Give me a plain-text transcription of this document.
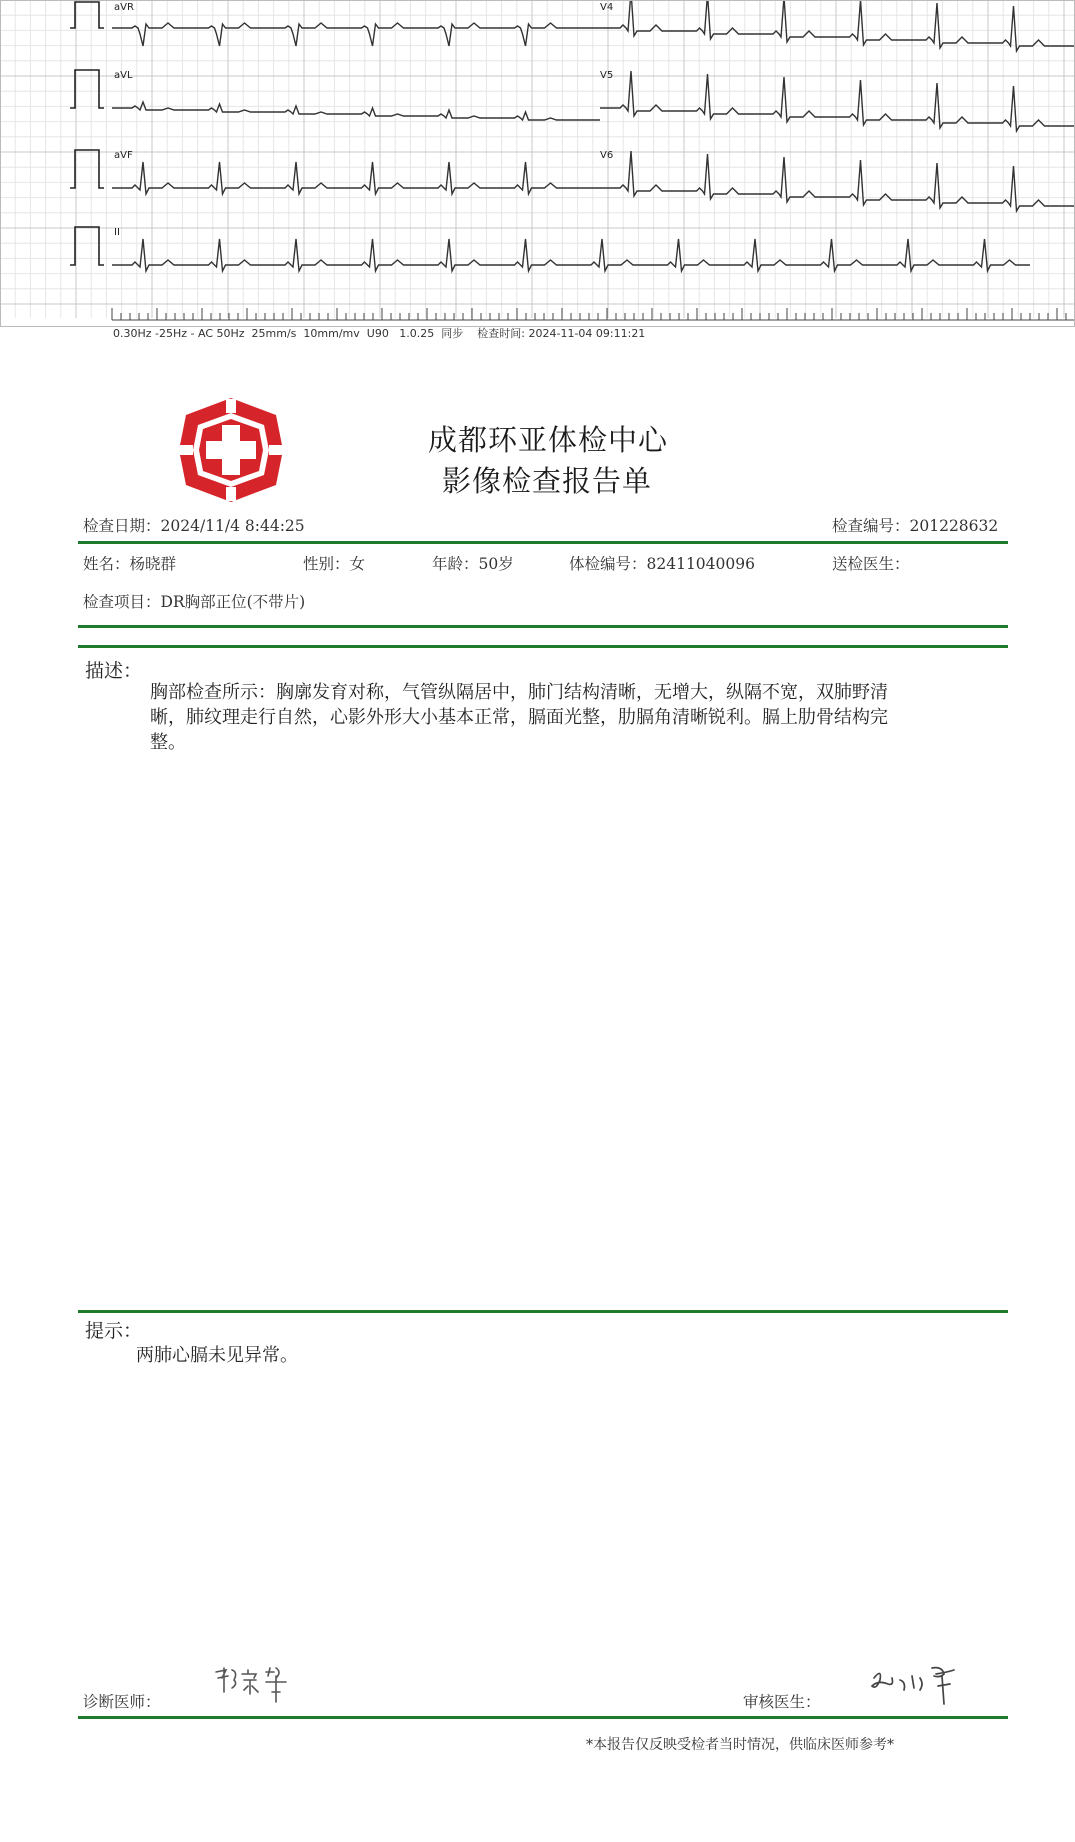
aVR
aVL
aVF
II
V4
V5
V6
0.30Hz -25Hz - AC 50Hz  25mm/s  10mm/mv  U90   1.0.25  同步 检查时间: 2024-11-04 09:11:21
成都环亚体检中心
影像检查报告单
检查日期：2024/11/4 8:44:25	检查编号：201228632
姓名：杨晓群	性别：女	年龄：50岁	体检编号：82411040096	送检医生：
检查项目：DR胸部正位(不带片)
描述：
胸部检查所示：胸廓发育对称，气管纵隔居中，肺门结构清晰，无增大，纵隔不宽，双肺野清晰，肺纹理走行自然，心影外形大小基本正常，膈面光整，肋膈角清晰锐利。膈上肋骨结构完整。
提示：
两肺心膈未见异常。
诊断医师：	审核医生：
*本报告仅反映受检者当时情况，供临床医师参考*
